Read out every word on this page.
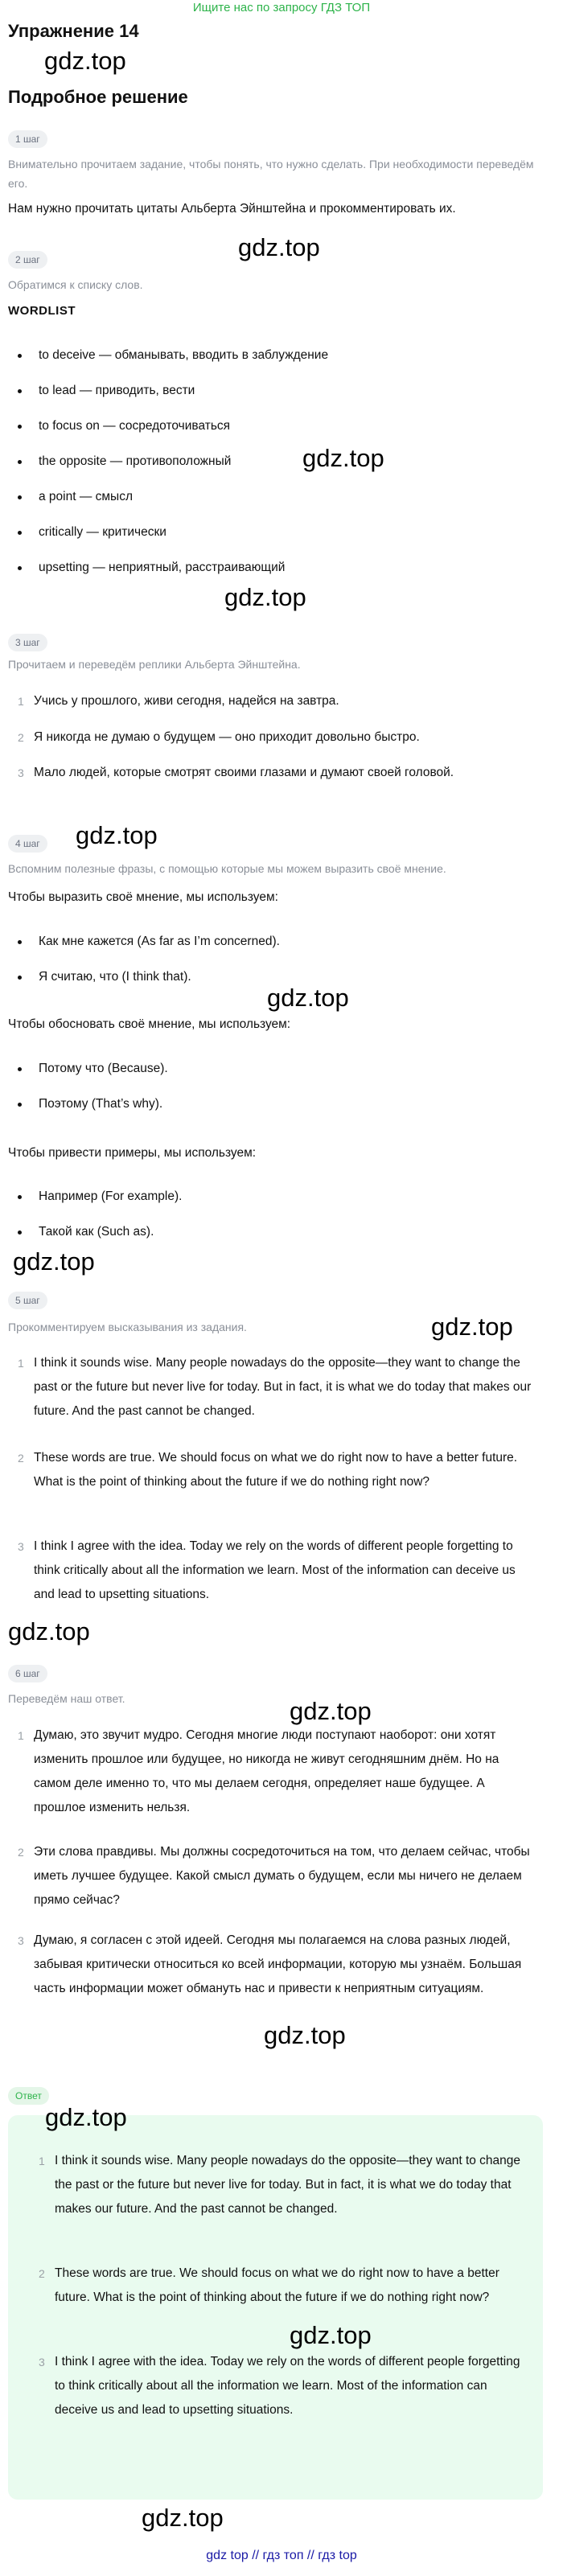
Ищите нас по запросу ГДЗ ТОП
Упражнение 14
gdz.top
Подробное решение
1 шаг
Внимательно прочитаем задание, чтобы понять, что нужно сделать. При необходимости переведём его.
Нам нужно прочитать цитаты Альберта Эйнштейна и прокомментировать их.
gdz.top
2 шаг
Обратимся к списку слов.
WORDLIST
to deceive — обманывать, вводить в заблуждение
to lead — приводить, вести
to focus on — сосредоточиваться
the opposite — противоположный
a point — смысл
critically — критически
upsetting — неприятный, расстраивающий
gdz.top
gdz.top
3 шаг
Прочитаем и переведём реплики Альберта Эйнштейна.
1 Учись у прошлого, живи сегодня, надейся на завтра.
2 Я никогда не думаю о будущем — оно приходит довольно быстро.
3 Мало людей, которые смотрят своими глазами и думают своей головой.
gdz.top
4 шаг
Вспомним полезные фразы, с помощью которые мы можем выразить своё мнение.
Чтобы выразить своё мнение, мы используем:
Как мне кажется (As far as I’m concerned).
Я считаю, что (I think that).
gdz.top
Чтобы обосновать своё мнение, мы используем:
Потому что (Because).
Поэтому (That’s why).
Чтобы привести примеры, мы используем:
Например (For example).
Такой как (Such as).
gdz.top
5 шаг
gdz.top
Прокомментируем высказывания из задания.
1 I think it sounds wise. Many people nowadays do the opposite—they want to change the past or the future but never live for today. But in fact, it is what we do today that makes our future. And the past cannot be changed.
2 These words are true. We should focus on what we do right now to have a better future. What is the point of thinking about the future if we do nothing right now?
3 I think I agree with the idea. Today we rely on the words of different people forgetting to think critically about all the information we learn. Most of the information can deceive us and lead to upsetting situations.
gdz.top
6 шаг
Переведём наш ответ.	gdz.top
1 Думаю, это звучит мудро. Сегодня многие люди поступают наоборот: они хотят изменить прошлое или будущее, но никогда не живут сегодняшним днём. Но на самом деле именно то, что мы делаем сегодня, определяет наше будущее. А прошлое изменить нельзя.
2 Эти слова правдивы. Мы должны сосредоточиться на том, что делаем сейчас, чтобы иметь лучшее будущее. Какой смысл думать о будущем, если мы ничего не делаем прямо сейчас?
3 Думаю, я согласен с этой идеей. Сегодня мы полагаемся на слова разных людей, забывая критически относиться ко всей информации, которую мы узнаём. Большая часть информации может обмануть нас и привести к неприятным ситуациям.
gdz.top
Ответ
1 I think it sounds wise. Many people nowadays do the opposite—they want to change the past or the future but never live for today. But in fact, it is what we do today that makes our future. And the past cannot be changed.
2 These words are true. We should focus on what we do right now to have a better future. What is the point of thinking about the future if we do nothing right now?
3 I think I agree with the idea. Today we rely on the words of different people forgetting to think critically about all the information we learn. Most of the information can deceive us and lead to upsetting situations.
gdz.top
gdz.top
gdz.top
gdz top // гдз топ // гдз top
